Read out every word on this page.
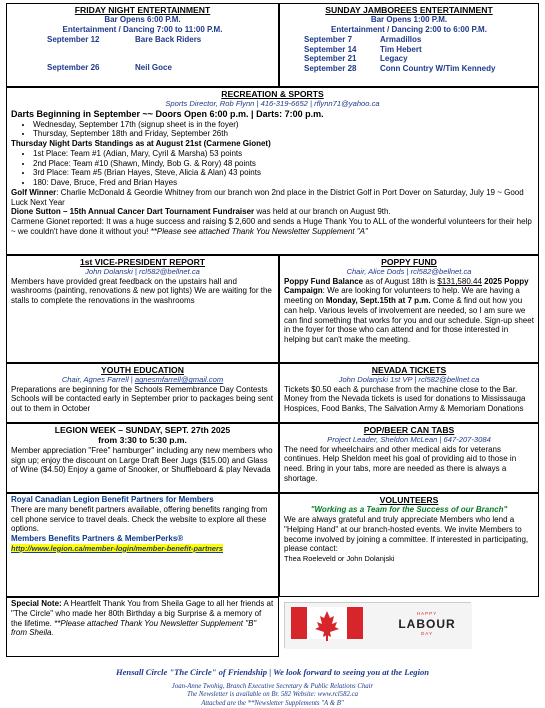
FRIDAY NIGHT ENTERTAINMENT
Bar Opens 6:00 P.M.
Entertainment / Dancing 7:00 to 11:00 P.M.
September 12	Bare Back Riders
September 26	Neil Goce
SUNDAY JAMBOREES ENTERTAINMENT
Bar Opens 1:00 P.M.
Entertainment / Dancing 2:00 to 6:00 P.M.
September 7	Armadillos
September 14	Tim Hebert
September 21	Legacy
September 28	Conn Country W/Tim Kennedy
RECREATION & SPORTS
Sports Director, Rob Flynn | 416-319-6652 | rflynn71@yahoo.ca
Darts Beginning in September ~~ Doors Open 6:00 p.m. | Darts: 7:00 p.m.
• Wednesday, September 17th (signup sheet is in the foyer)
• Thursday, September 18th and Friday, September 26th
Thursday Night Darts Standings as at August 21st (Carmene Gionet)
• 1st Place: Team #1 (Adian, Mary, Cyril & Marsha) 53 points
• 2nd Place: Team #10 (Shawn, Mindy, Bob G. & Rory) 48 points
• 3rd Place: Team #5 (Brian Hayes, Steve, Alicia & Alan) 43 points
• 180: Dave, Bruce, Fred and Brian Hayes
Golf Winner: Charlie McDonald & Geordie Whitney from our branch won 2nd place in the District Golf in Port Dover on Saturday, July 19 ~ Good Luck Next Year
Dione Sutton – 15th Annual Cancer Dart Tournament Fundraiser was held at our branch on August 9th.
Carmene Gionet reported: It was a huge success and raising $ 2,600 and sends a Huge Thank You to ALL of the wonderful volunteers for their help ~ we couldn't have done it without you! **Please see attached Thank You Newsletter Supplement "A"
1st VICE-PRESIDENT REPORT
John Dolanski | rcl582@bellnet.ca
Members have provided great feedback on the upstairs hall and washrooms (painting, renovations & new pot lights) We are waiting for the stalls to complete the renovations in the washrooms
POPPY FUND
Chair, Alice Dods | rcl582@bellnet.ca
Poppy Fund Balance as of August 18th is $131,580.44 2025 Poppy Campaign: We are looking for volunteers to help. We are having a meeting on Monday, Sept.15th at 7 p.m. Come & find out how you can help. Various levels of involvement are needed, so I am sure we can find something that works for you and our schedule. Sign-up sheet in the foyer for those who can attend and for those interested in helping but can't make the meeting.
YOUTH EDUCATION
Chair, Agnes Farrell | agnesmfarrell@gmail.com
Preparations are beginning for the Schools Remembrance Day Contests Schools will be contacted early in September prior to packages being sent out to them in October
NEVADA TICKETS
John Dolanjski 1st VP | rcl582@bellnet.ca
Tickets $0.50 each & purchase from the machine close to the Bar. Money from the Nevada tickets is used for donations to Mississauga Hospices, Food Banks, The Salvation Army & Memoriam Donations
LEGION WEEK – SUNDAY, SEPT. 27th 2025
from 3:30 to 5:30 p.m.
Member appreciation "Free" hamburger" including any new members who sign up; enjoy the discount on Large Draft Beer Jugs ($15.00) and Glass of Wine ($4.50) Enjoy a game of Snooker, or Shuffleboard & play Nevada
POP/BEER CAN TABS
Project Leader, Sheldon McLean | 647-207-3084
The need for wheelchairs and other medical aids for veterans continues. Help Sheldon meet his goal of providing aid to those in need. Bring in your tabs, more are needed as there is always a shortage.
Royal Canadian Legion Benefit Partners for Members
There are many benefit partners available, offering benefits ranging from cell phone service to travel deals. Check the website to explore all these options.
Members Benefits Partners & MemberPerks®
http://www.legion.ca/member-login/member-benefit-partners
VOLUNTEERS
"Working as a Team for the Success of our Branch"
We are always grateful and truly appreciate Members who lend a "Helping Hand" at our branch-hosted events. We invite Members to become involved by joining a committee. If interested in participating, please contact:
Thea Roeleveld or John Dolanjski
Special Note: A Heartfelt Thank You from Sheila Gage to all her friends at "The Circle" who made her 80th Birthday a big Surprise & a memory of the lifetime. **Please attached Thank You Newsletter Supplement "B" from Sheila.
HAPPY
LABOUR
DAY
Hensall Circle "The Circle" of Friendship | We look forward to seeing you at the Legion
Joan-Anne Twohig, Branch Executive Secretary & Public Relations Chair
The Newsletter is available on Br. 582 Website: www.rcl582.ca
Attached are the **Newsletter Supplements "A & B"
